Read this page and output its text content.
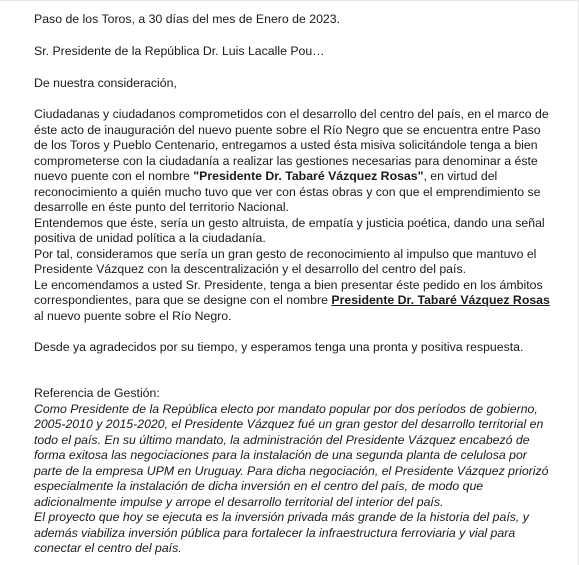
Paso de los Toros, a 30 días del mes de Enero de 2023.
Sr. Presidente de la República Dr. Luis Lacalle Pou…
De nuestra consideración,
Ciudadanas y ciudadanos comprometidos con el desarrollo del centro del país, en el marco de
éste acto de inauguración del nuevo puente sobre el Río Negro que se encuentra entre Paso
de los Toros y Pueblo Centenario, entregamos a usted ésta misiva solicitándole tenga a bien
comprometerse con la ciudadanía a realizar las gestiones necesarias para denominar a éste
nuevo puente con el nombre "Presidente Dr. Tabaré Vázquez Rosas", en virtud del
reconocimiento a quién mucho tuvo que ver con éstas obras y con que el emprendimiento se
desarrolle en éste punto del territorio Nacional.
Entendemos que éste, sería un gesto altruista, de empatía y justicia poética, dando una señal
positiva de unidad política a la ciudadanía.
Por tal, consideramos que sería un gran gesto de reconocimiento al impulso que mantuvo el
Presidente Vázquez con la descentralización y el desarrollo del centro del país.
Le encomendamos a usted Sr. Presidente, tenga a bien presentar éste pedido en los ámbitos
correspondientes, para que se designe con el nombre Presidente Dr. Tabaré Vázquez Rosas
al nuevo puente sobre el Río Negro.
Desde ya agradecidos por su tiempo, y esperamos tenga una pronta y positiva respuesta.
Referencia de Gestión:
Como Presidente de la República electo por mandato popular por dos períodos de gobierno,
2005-2010 y 2015-2020, el Presidente Vázquez fué un gran gestor del desarrollo territorial en
todo el país. En su último mandato, la administración del Presidente Vázquez encabezó de
forma exitosa las negociaciones para la instalación de una segunda planta de celulosa por
parte de la empresa UPM en Uruguay. Para dicha negociación, el Presidente Vázquez priorizó
especialmente la instalación de dicha inversión en el centro del país, de modo que
adicionalmente impulse y arrope el desarrollo territorial del interior del país.
El proyecto que hoy se ejecuta es la inversión privada más grande de la historia del país, y
además viabiliza inversión pública para fortalecer la infraestructura ferroviaria y vial para
conectar el centro del país.
